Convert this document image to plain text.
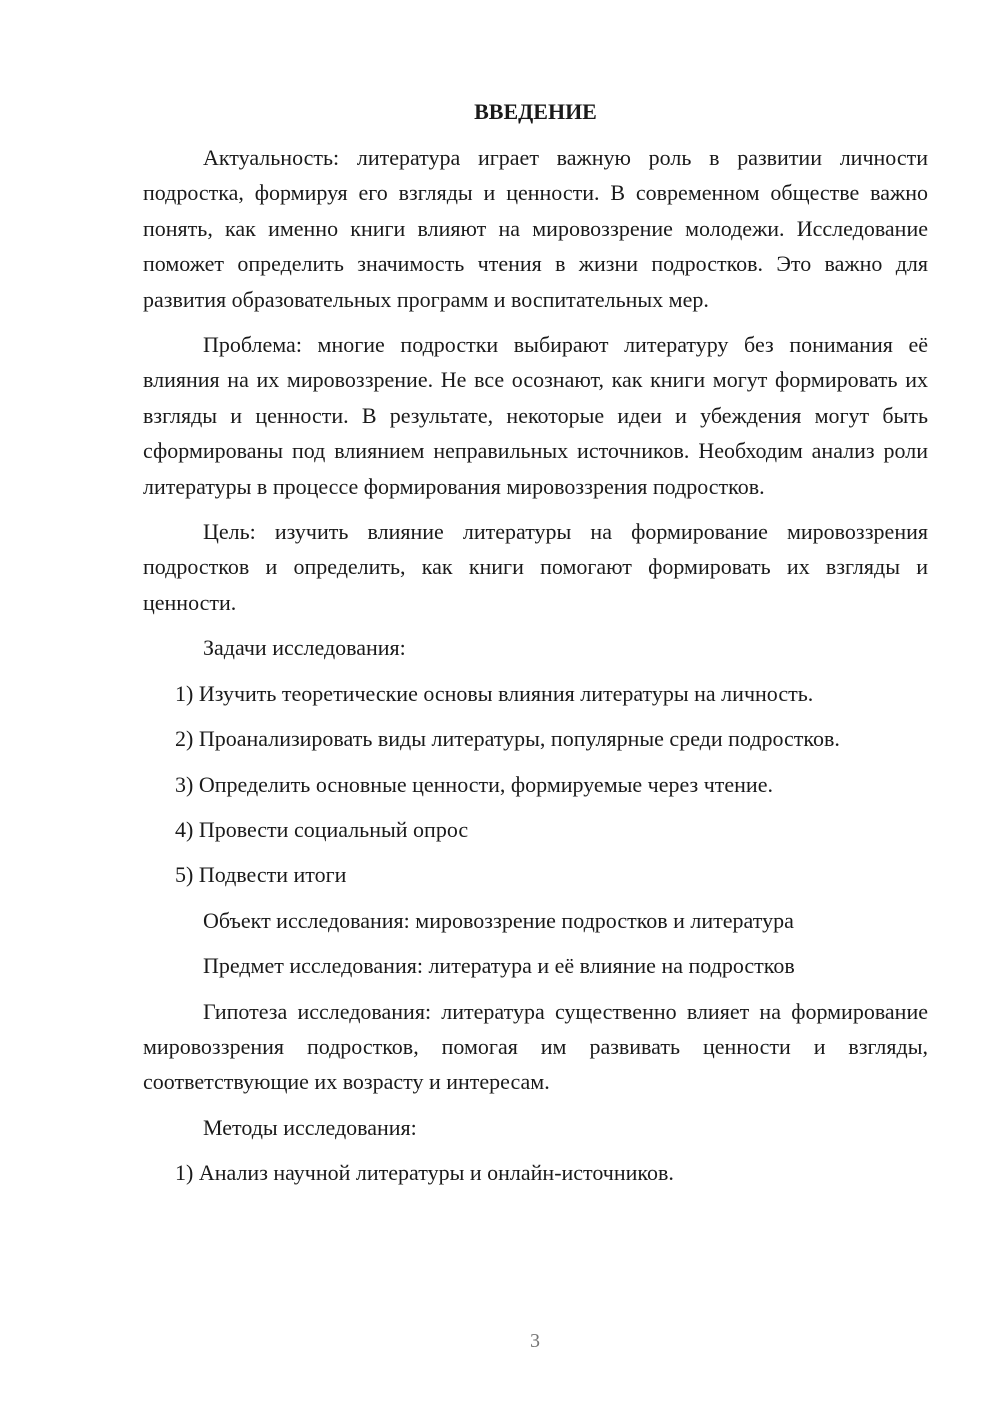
ВВЕДЕНИЕ

Актуальность: литература играет важную роль в развитии личности подростка, формируя его взгляды и ценности. В современном обществе важно понять, как именно книги влияют на мировоззрение молодежи. Исследование поможет определить значимость чтения в жизни подростков. Это важно для развития образовательных программ и воспитательных мер.

Проблема: многие подростки выбирают литературу без понимания её влияния на их мировоззрение. Не все осознают, как книги могут формировать их взгляды и ценности. В результате, некоторые идеи и убеждения могут быть сформированы под влиянием неправильных источников. Необходим анализ роли литературы в процессе формирования мировоззрения подростков.

Цель: изучить влияние литературы на формирование мировоззрения подростков и определить, как книги помогают формировать их взгляды и ценности.

Задачи исследования:

1) Изучить теоретические основы влияния литературы на личность.

2) Проанализировать виды литературы, популярные среди подростков.

3) Определить основные ценности, формируемые через чтение.

4) Провести социальный опрос

5) Подвести итоги

Объект исследования: мировоззрение подростков и литература

Предмет исследования: литература и её влияние на подростков

Гипотеза исследования: литература существенно влияет на формирование мировоззрения подростков, помогая им развивать ценности и взгляды, соответствующие их возрасту и интересам.

Методы исследования:

1) Анализ научной литературы и онлайн-источников.

3
